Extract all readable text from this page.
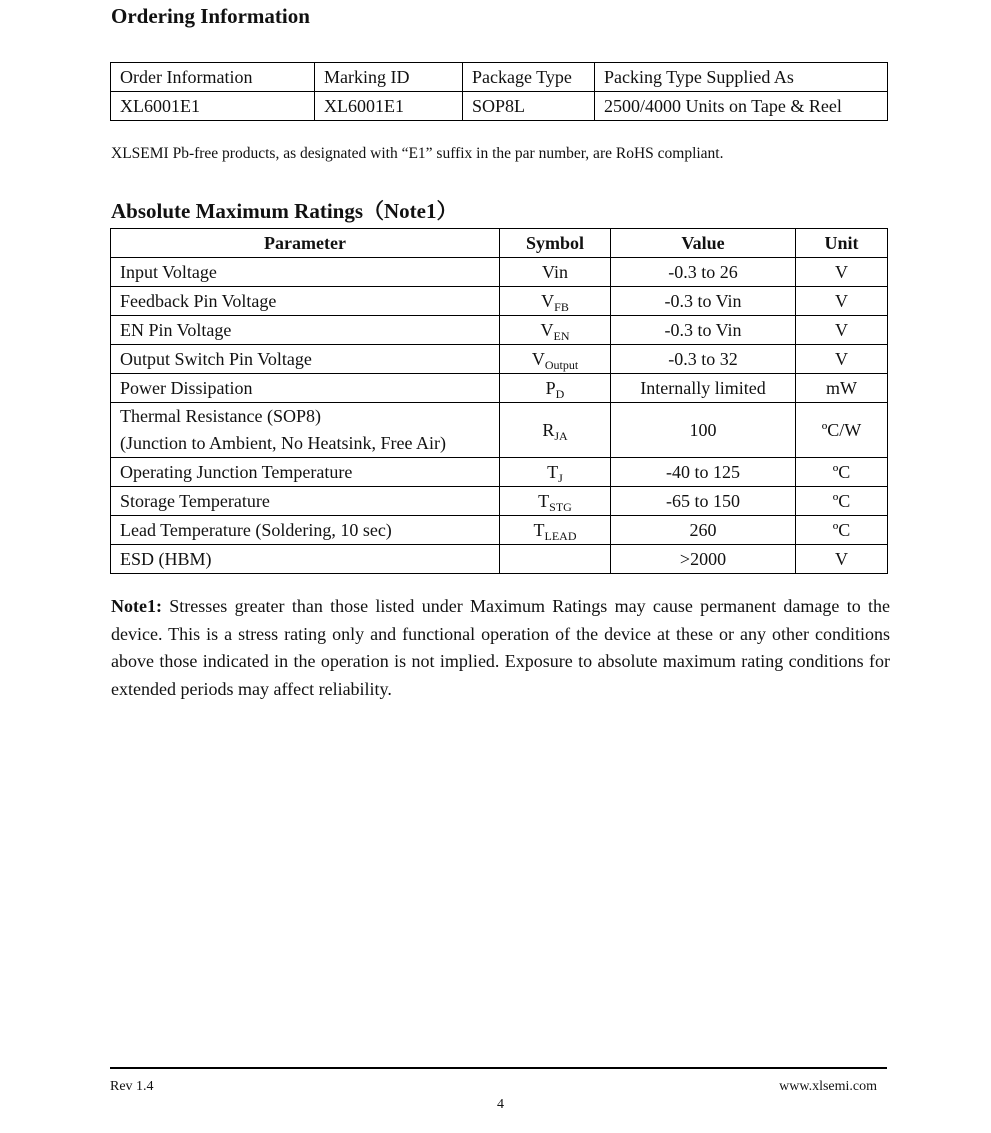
Ordering Information
Order Information	Marking ID	Package Type	Packing Type Supplied As
XL6001E1	XL6001E1	SOP8L	2500/4000 Units on Tape & Reel
XLSEMI Pb-free products, as designated with “E1” suffix in the par number, are RoHS compliant.
Absolute Maximum Ratings（Note1）
Parameter	Symbol	Value	Unit
Input Voltage	Vin	-0.3 to 26	V
Feedback Pin Voltage	$V_{FB}$	-0.3 to Vin	V
EN Pin Voltage	$V_{EN}$	-0.3 to Vin	V
Output Switch Pin Voltage	$V_{Output}$	-0.3 to 32	V
Power Dissipation	$P_D$	Internally limited	mW

Thermal Resistance (SOP8)
(Junction to Ambient, No Heatsink, Free Air)	$R_{JA}$	100	ºC/W
Operating Junction Temperature	$T_J$	-40 to 125	ºC
Storage Temperature	$T_{STG}$	-65 to 150	ºC
Lead Temperature (Soldering, 10 sec)	$T_{LEAD}$	260	ºC
ESD (HBM)		>2000	V
Note1: Stresses greater than those listed under Maximum Ratings may cause permanent damage to the device. This is a stress rating only and functional operation of the device at these or any other conditions above those indicated in the operation is not implied. Exposure to absolute maximum rating conditions for extended periods may affect reliability.
Rev 1.4	www.xlsemi.com
4
